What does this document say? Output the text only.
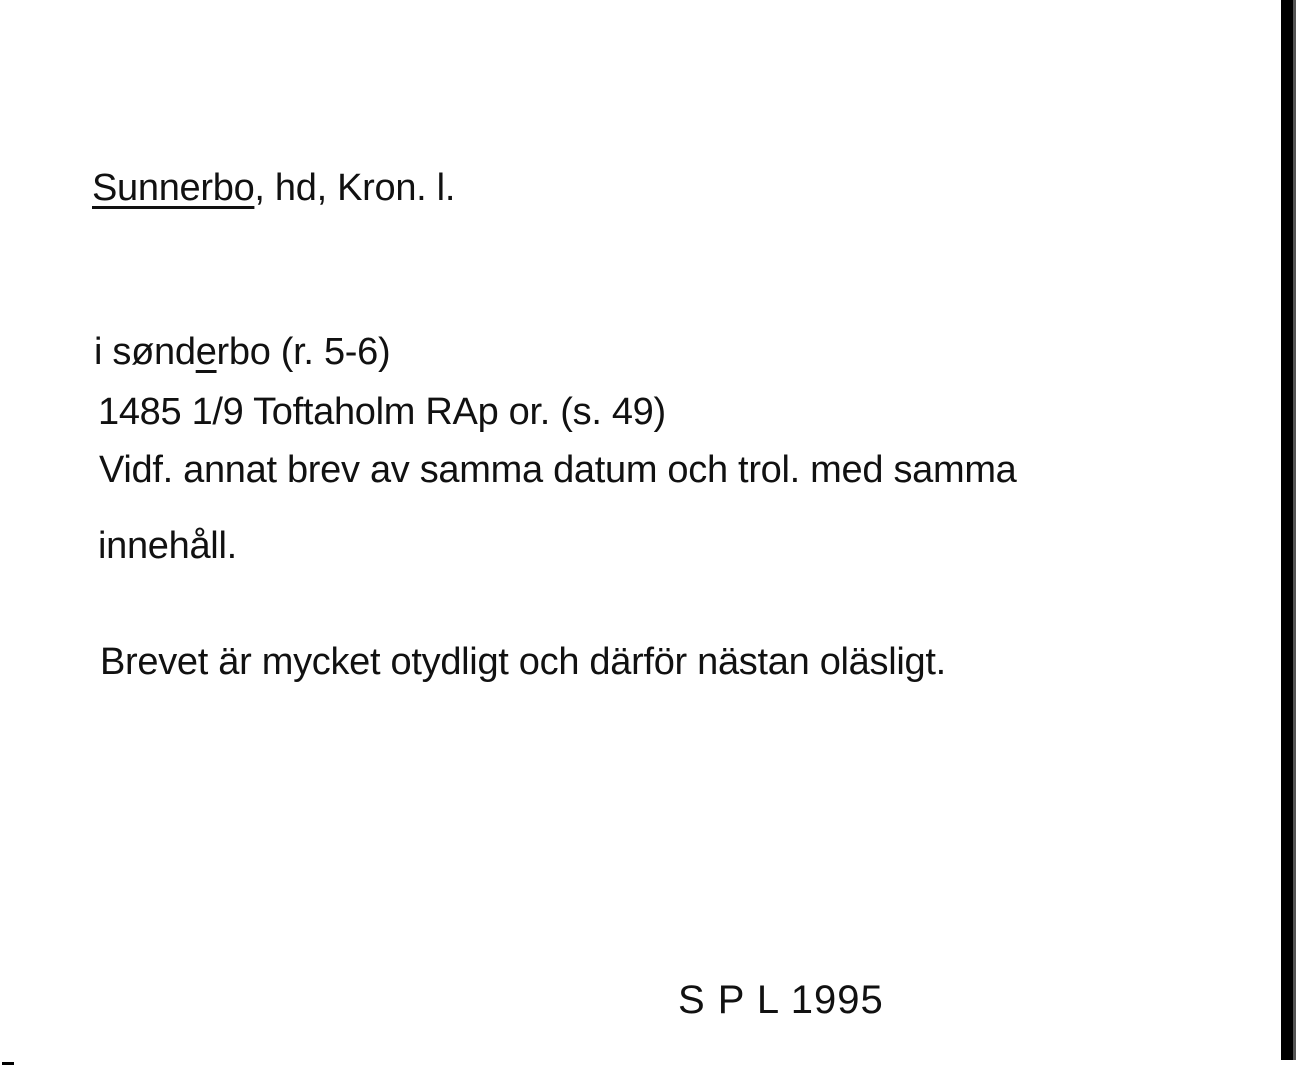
Sunnerbo, hd, Kron. l.
i sønderbo (r. 5-6)
1485 1/9 Toftaholm RAp or. (s. 49)
Vidf. annat brev av samma datum och trol. med samma
innehåll.
Brevet är mycket otydligt och därför nästan oläsligt.
S P L 1995
